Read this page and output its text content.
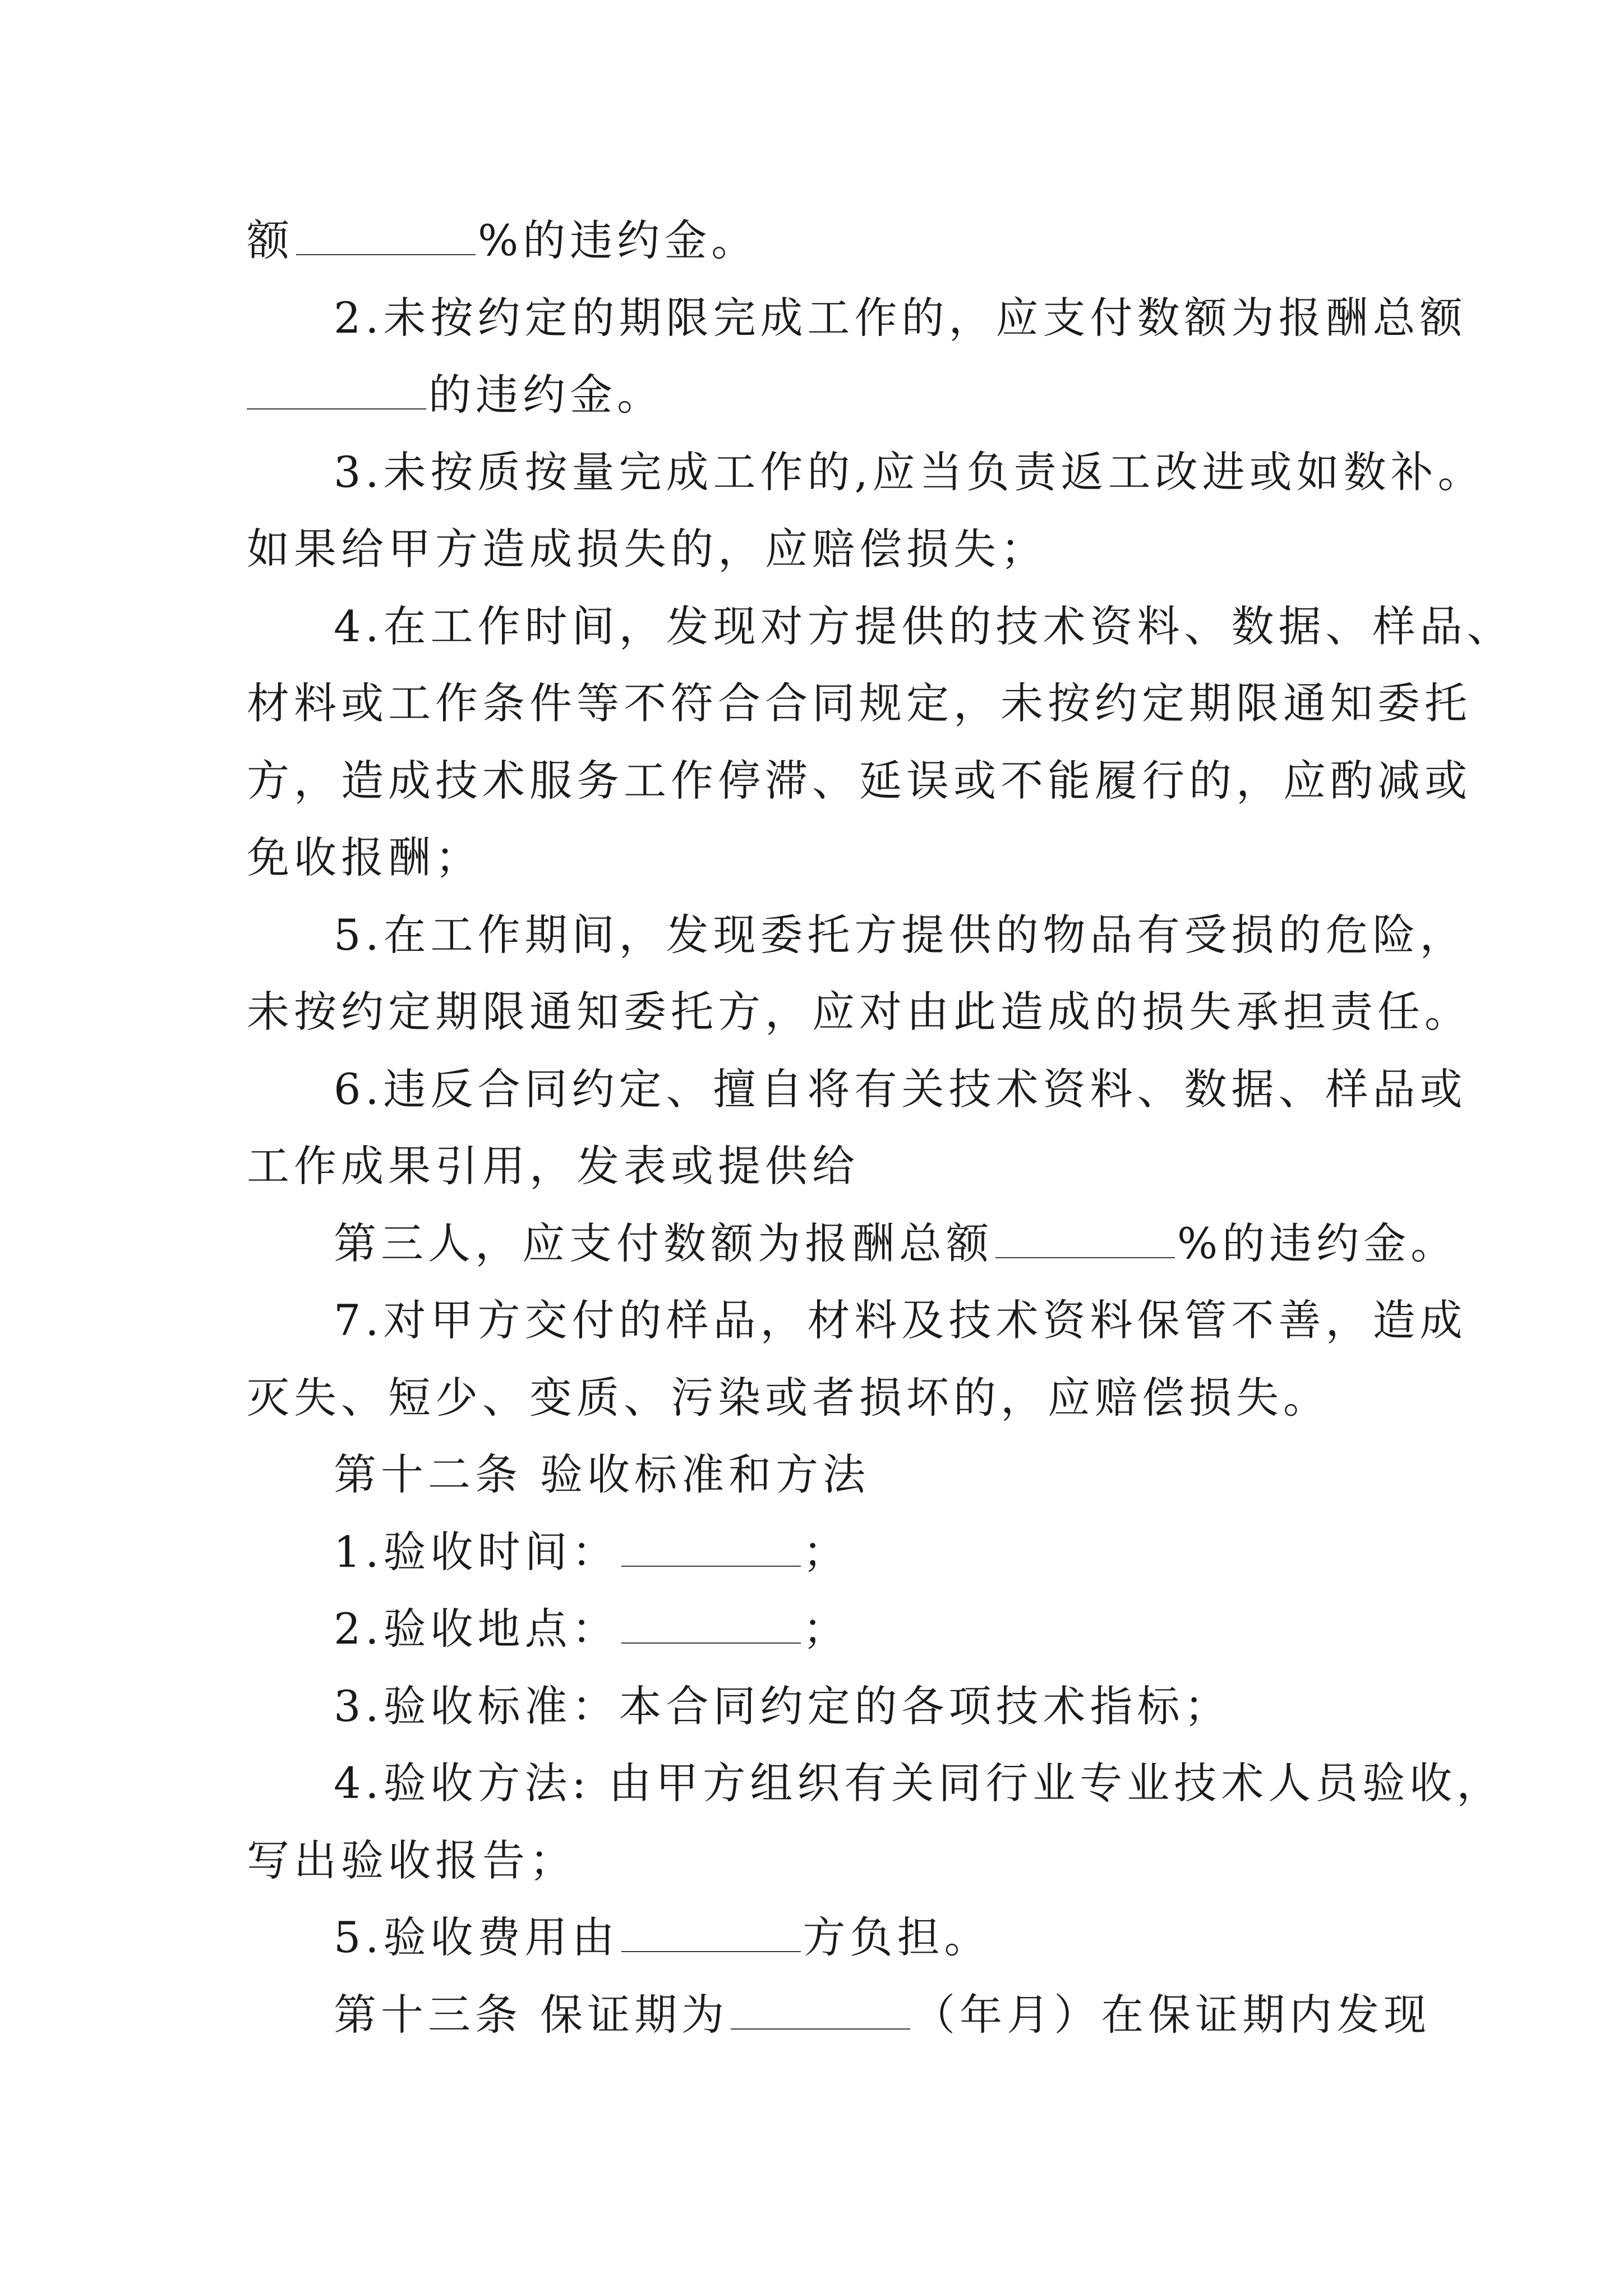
额	%的违约金。
2.未按约定的期限完成工作的，应支付数额为报酬总额
的违约金。
3.未按质按量完成工作的,应当负责返工改进或如数补。
如果给甲方造成损失的，应赔偿损失；
4.在工作时间，发现对方提供的技术资料、数据、样品、
材料或工作条件等不符合合同规定，未按约定期限通知委托
方，造成技术服务工作停滞、延误或不能履行的，应酌减或
免收报酬；
5.在工作期间，发现委托方提供的物品有受损的危险，
未按约定期限通知委托方，应对由此造成的损失承担责任。
6.违反合同约定、擅自将有关技术资料、数据、样品或
工作成果引用，发表或提供给
第三人，应支付数额为报酬总额	%的违约金。
7.对甲方交付的样品，材料及技术资料保管不善，造成
灭失、短少、变质、污染或者损坏的，应赔偿损失。
第十二条 验收标准和方法
1.验收时间：	；
2.验收地点：	；
3.验收标准：本合同约定的各项技术指标；
4.验收方法: 由甲方组织有关同行业专业技术人员验收，
写出验收报告；
5.验收费用由	方负担。
第十三条 保证期为	（年月）在保证期内发现
